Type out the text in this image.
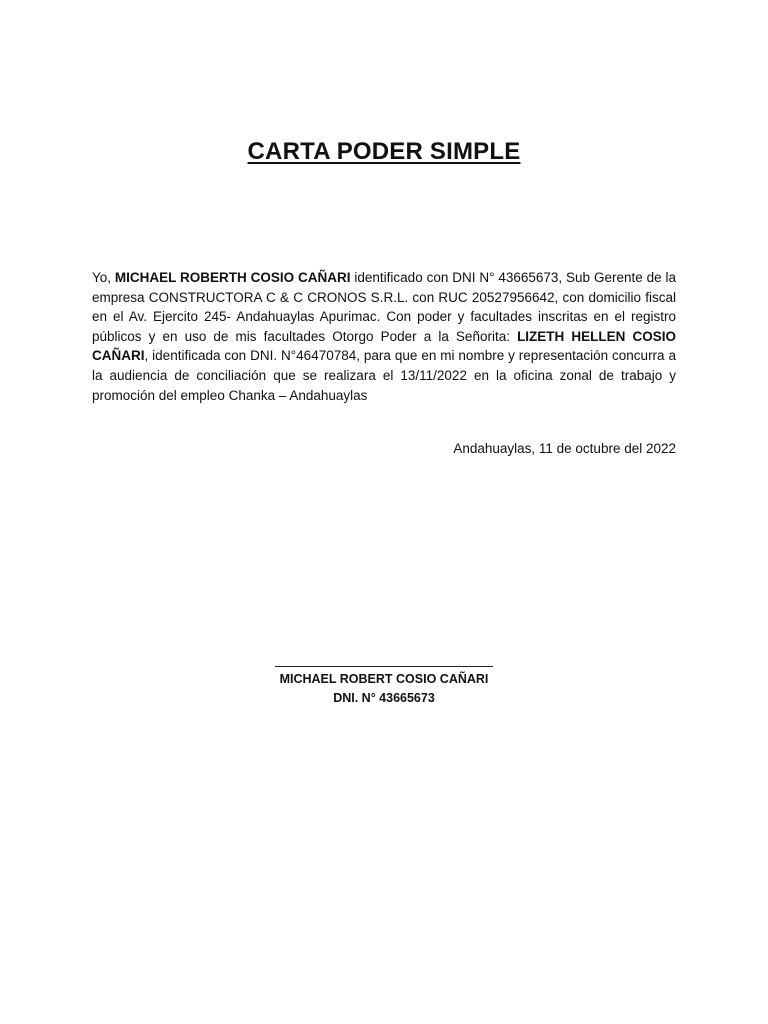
CARTA PODER SIMPLE

Yo, MICHAEL ROBERTH COSIO CAÑARI identificado con DNI N° 43665673, Sub Gerente de la empresa CONSTRUCTORA C & C CRONOS S.R.L. con RUC 20527956642, con domicilio fiscal en el Av. Ejercito 245- Andahuaylas Apurimac. Con poder y facultades inscritas en el registro públicos y en uso de mis facultades Otorgo Poder a la Señorita: LIZETH HELLEN COSIO CAÑARI, identificada con DNI. N°46470784, para que en mi nombre y representación concurra a la audiencia de conciliación que se realizara el 13/11/2022 en la oficina zonal de trabajo y promoción del empleo Chanka – Andahuaylas

Andahuaylas, 11 de octubre del 2022

MICHAEL ROBERT COSIO CAÑARI
DNI. N° 43665673
